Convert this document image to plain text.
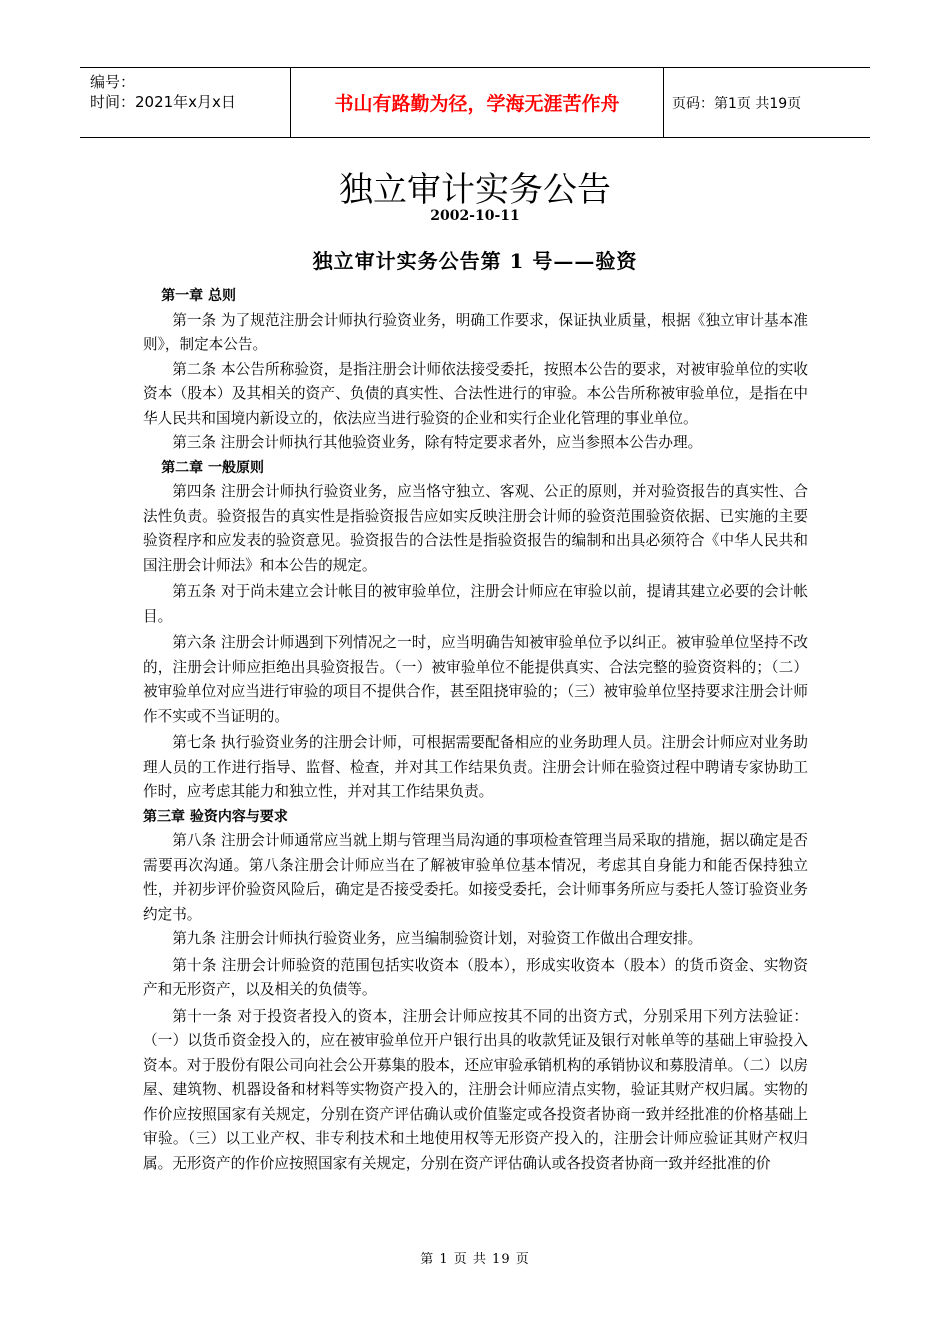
编号：
时间：2021年x月x日	书山有路勤为径，学海无涯苦作舟	页码：第1页 共19页
独立审计实务公告
2002-10-11
独立审计实务公告第 1 号——验资
第一章 总则

第一条 为了规范注册会计师执行验资业务，明确工作要求，保证执业质量，根据《独立审计基本准则》，制定本公告。

第二条 本公告所称验资，是指注册会计师依法接受委托，按照本公告的要求，对被审验单位的实收资本（股本）及其相关的资产、负债的真实性、合法性进行的审验。本公告所称被审验单位，是指在中华人民共和国境内新设立的，依法应当进行验资的企业和实行企业化管理的事业单位。

第三条 注册会计师执行其他验资业务，除有特定要求者外，应当参照本公告办理。

第二章 一般原则

第四条 注册会计师执行验资业务，应当恪守独立、客观、公正的原则，并对验资报告的真实性、合法性负责。验资报告的真实性是指验资报告应如实反映注册会计师的验资范围验资依据、已实施的主要验资程序和应发表的验资意见。验资报告的合法性是指验资报告的编制和出具必须符合《中华人民共和国注册会计师法》和本公告的规定。

第五条 对于尚未建立会计帐目的被审验单位，注册会计师应在审验以前，提请其建立必要的会计帐目。

第六条 注册会计师遇到下列情况之一时，应当明确告知被审验单位予以纠正。被审验单位坚持不改的，注册会计师应拒绝出具验资报告。（一）被审验单位不能提供真实、合法完整的验资资料的；（二）被审验单位对应当进行审验的项目不提供合作，甚至阻挠审验的；（三）被审验单位坚持要求注册会计师作不实或不当证明的。

第七条 执行验资业务的注册会计师，可根据需要配备相应的业务助理人员。注册会计师应对业务助理人员的工作进行指导、监督、检查，并对其工作结果负责。注册会计师在验资过程中聘请专家协助工作时，应考虑其能力和独立性，并对其工作结果负责。

第三章 验资内容与要求

第八条 注册会计师通常应当就上期与管理当局沟通的事项检查管理当局采取的措施，据以确定是否需要再次沟通。第八条注册会计师应当在了解被审验单位基本情况，考虑其自身能力和能否保持独立性，并初步评价验资风险后，确定是否接受委托。如接受委托，会计师事务所应与委托人签订验资业务约定书。

第九条 注册会计师执行验资业务，应当编制验资计划，对验资工作做出合理安排。

第十条 注册会计师验资的范围包括实收资本（股本），形成实收资本（股本）的货币资金、实物资产和无形资产，以及相关的负债等。

第十一条 对于投资者投入的资本，注册会计师应按其不同的出资方式，分别采用下列方法验证：（一）以货币资金投入的，应在被审验单位开户银行出具的收款凭证及银行对帐单等的基础上审验投入资本。对于股份有限公司向社会公开募集的股本，还应审验承销机构的承销协议和募股清单。（二）以房屋、建筑物、机器设备和材料等实物资产投入的，注册会计师应清点实物，验证其财产权归属。实物的作价应按照国家有关规定，分别在资产评估确认或价值鉴定或各投资者协商一致并经批准的价格基础上审验。（三）以工业产权、非专利技术和土地使用权等无形资产投入的，注册会计师应验证其财产权归属。无形资产的作价应按照国家有关规定，分别在资产评估确认或各投资者协商一致并经批准的价

第 1 页 共 19 页
